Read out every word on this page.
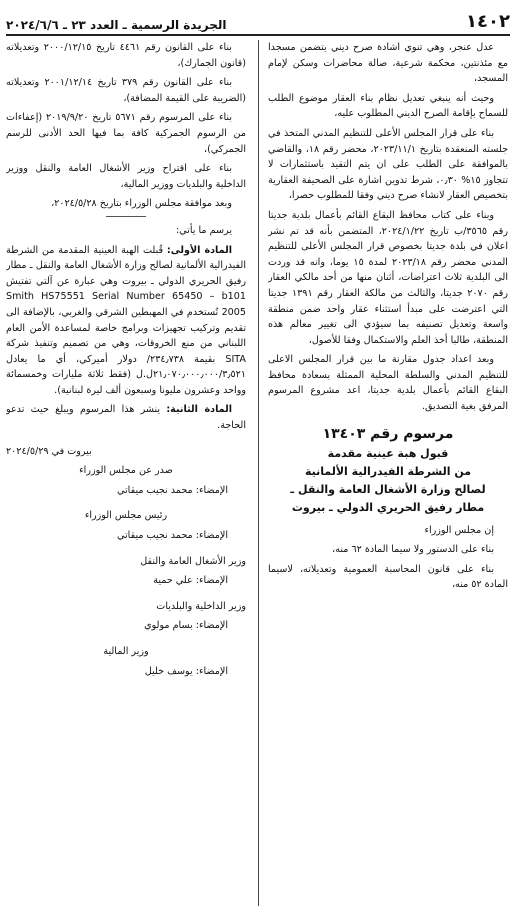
١٤٠٢
الجريدة الرسمية ـ العدد ٢٣ ـ ٢٠٢٤/٦/٦

عدل عنجر، وهي تنوي اشادة صرح ديني يتضمن مسجدا مع مئذنتين، محكمة شرعية، صالة محاضرات وسكن لإمام المسجد،

وحيث أنه ينبغي تعديل نظام بناء العقار موضوع الطلب للسماح بإقامة الصرح الديني المطلوب عليه،

بناء على قرار المجلس الأعلى للتنظيم المدني المتخذ في جلسته المنعقدة بتاريخ ٢٠٢٣/١١/١، محضر رقم ١٨، والقاضي بالموافقة على الطلب على ان يتم التقيد باستثمارات لا تتجاوز ١٥% ٠٫٣٠، شرط تدوين اشارة على الصحيفة العقارية بتخصيص العقار لانشاء صرح ديني وفقا للمطلوب حصرا،

وبناء على كتاب محافظ البقاع القائم بأعمال بلدية جديتا رقم ٣٥٦٥/ب تاريخ ٢٠٢٤/١/٢٢، المتضمن بأنه قد تم نشر اعلان في بلدة جديتا بخصوص قرار المجلس الأعلى للتنظيم المدني محضر رقم ٢٠٢٣/١٨ لمدة ١٥ يوما، وانه قد وردت الى البلدية ثلاث اعتراضات، أثنان منها من أحد مالكي العقار رقم ٢٠٧٠ جديتا، والثالث من مالكة العقار رقم ١٣٩١ جديتا التي اعترضت على مبدأ استثناء عقار واحد ضمن منطقة واسعة وتعديل تصنيفه بما سيؤدي الى تغيير معالم هذه المنطقة، طالبا أخذ العلم والاستكمال وفقا للأصول،

وبعد اعداد جدول مقارنة ما بين قرار المجلس الاعلى للتنظيم المدني والسلطة المحلية الممثلة بسعادة محافظ البقاع القائم بأعمال بلدية جديتا، اعد مشروع المرسوم المرفق بغية التصديق.

مرسوم رقم ١٣٤٠٣
قبول هبة عينية مقدمة
من الشرطة الفيدرالية الألمانية
لصالح وزارة الأشغال العامة والنقل ـ
مطار رفيق الحريري الدولي ـ بيروت

إن مجلس الوزراء

بناء على الدستور ولا سيما المادة ٦٢ منه،

بناء على قانون المحاسبة العمومية وتعديلاته، لاسيما المادة ٥٢ منه،

بناء على القانون رقم ٤٤٦١ تاريخ ٢٠٠٠/١٢/١٥ وتعديلاته (قانون الجمارك)،

بناء على القانون رقم ٣٧٩ تاريخ ٢٠٠١/١٢/١٤ وتعديلاته (الضريبة على القيمة المضافة)،

بناء على المرسوم رقم ٥٦٧١ تاريخ ٢٠١٩/٩/٢٠ (إعفاءات من الرسوم الجمركية كافة بما فيها الحد الأدنى للرسم الجمركي)،

بناء على اقتراح وزير الأشغال العامة والنقل ووزير الداخلية والبلديات ووزير المالية،

وبعد موافقة مجلس الوزراء بتاريخ ٢٠٢٤/٥/٢٨،

يرسم ما يأتي:

المادة الأولى: قُبلت الهبة العينية المقدمة من الشرطة الفيدرالية الألمانية لصالح وزارة الأشغال العامة والنقل ـ مطار رفيق الحريري الدولي ـ بيروت وهي عبارة عن آلتي تفتيش Smith HS75551 Serial Number 65450 – b101 2005 تُستخدم في المهبطين الشرقي والغربي، بالإضافة الى تقديم وتركيب تجهيزات وبرامج خاصة لمساعدة الأمن العام اللبناني من منع الخروقات، وهي من تصميم وتنفيذ شركة SITA بقيمة ٢٣٤٫٧٣٨/ دولار أميركي، أي ما يعادل ٢١٫٠٧٠٫٠٠٠٫٠٠٠/٣٫٥٢١ل.ل (فقط ثلاثة مليارات وخمسمائة وواحد وعشرون مليونا وسبعون ألف ليرة لبنانية).

المادة الثانية: ينشر هذا المرسوم ويبلغ حيث تدعو الحاجة.

بيروت في ٢٠٢٤/٥/٢٩

صدر عن مجلس الوزراء

الإمضاء: محمد نجيب ميقاتي

رئيس مجلس الوزراء

الإمضاء: محمد نجيب ميقاتي

وزير الأشغال العامة والنقل

الإمضاء: علي حمية

وزير الداخلية والبلديات

الإمضاء: بسام مولوي

وزير المالية

الإمضاء: يوسف خليل
